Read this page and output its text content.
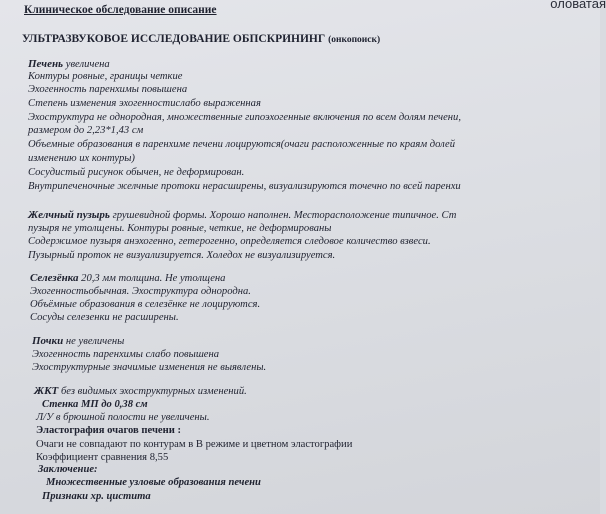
оловатая
Клиническое обследование описание
УЛЬТРАЗВУКОВОЕ ИССЛЕДОВАНИЕ ОБПСКРИНИНГ (онкопоиск)
Печень увеличена
Контуры ровные, границы четкие
Эхогенность паренхимы повышена
Степень изменения эхогенностислабо выраженная
Эхоструктура не однородная, множественные гипоэхогенные включения по всем долям печени,
размером до 2,23*1,43 см
Объемные образования в паренхиме печени лоцируются(очаги расположенные по краям долей
изменению их контуры)
Сосудистый рисунок обычен, не деформирован.
Внутрипеченочные желчные протоки нерасширены, визуализируются точечно по всей паренхи
Желчный пузырь грушевидной формы. Хорошо наполнен. Месторасположение типичное. Ст
пузыря не утолщены. Контуры ровные, четкие, не деформированы
Содержимое пузыря анэхогенно, гетерогенно, определяется следовое количество взвеси.
Пузырный проток не визуализируется. Холедох не визуализируется.
Селезёнка 20,3 мм толщина. Не утолщена
Эхогенностьобычная. Эхоструктура однородна.
Объёмные образования в селезёнке не лоцируются.
Сосуды селезенки не расширены.
Почки не увеличены
Эхогенность паренхимы слабо повышена
Эхоструктурные значимые изменения не выявлены.
ЖКТ без видимых эхоструктурных изменений.
Стенка МП до 0,38 см
Л/У в брюшной полости не увеличены.
Эластография очагов печени :
Очаги не совпадают по контурам в В режиме и цветном эластографии
Коэффициент сравнения 8,55
Заключение:
Множественные узловые образования печени
Признаки хр. цистита
